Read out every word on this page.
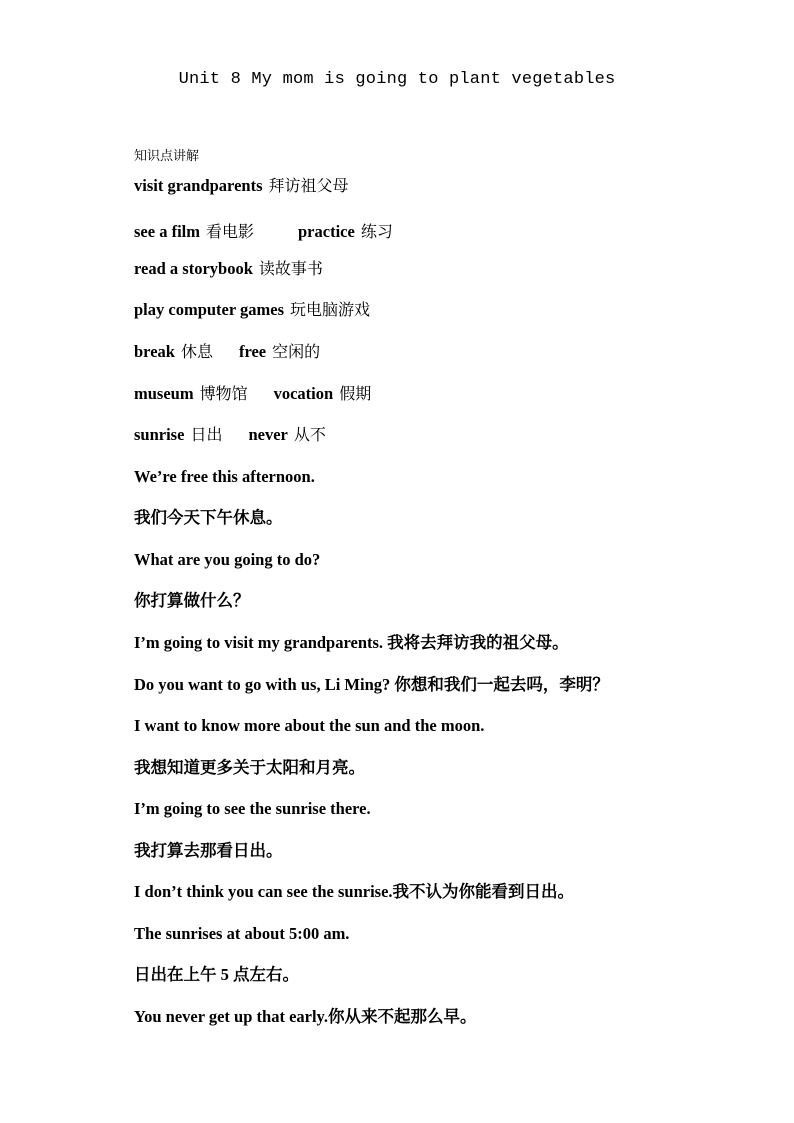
Unit 8 My mom is going to plant vegetables
知识点讲解
visit grandparents 拜访祖父母
see a film 看电影	practice 练习
read a storybook 读故事书
play computer games 玩电脑游戏
break 休息 free 空闲的
museum 博物馆 vocation 假期
sunrise 日出 never 从不
We’re free this afternoon.
我们今天下午休息。
What are you going to do?
你打算做什么？
I’m going to visit my grandparents. 我将去拜访我的祖父母。
Do you want to go with us, Li Ming? 你想和我们一起去吗，李明？
I want to know more about the sun and the moon.
我想知道更多关于太阳和月亮。
I’m going to see the sunrise there.
我打算去那看日出。
I don’t think you can see the sunrise.我不认为你能看到日出。
The sunrises at about 5:00 am.
日出在上午 5 点左右。
You never get up that early.你从来不起那么早。
